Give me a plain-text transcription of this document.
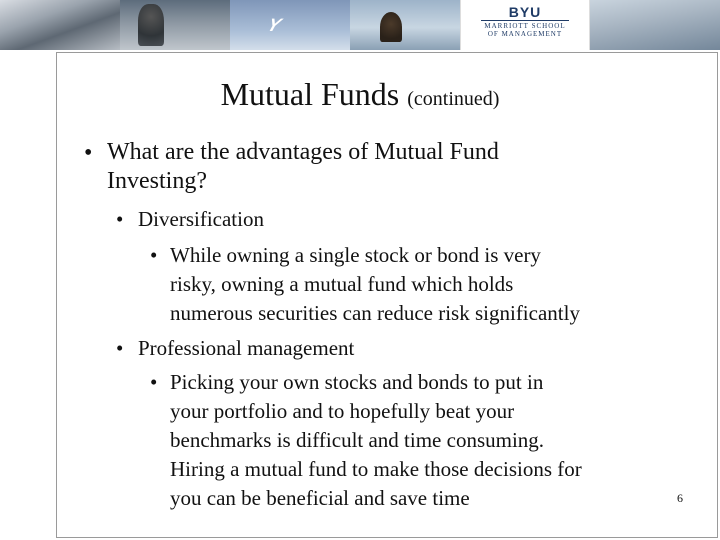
Y
BYU
MARRIOTT SCHOOL
OF MANAGEMENT
Mutual Funds (continued)
• What are the advantages of Mutual Fund
Investing?
• Diversification
• While owning a single stock or bond is very
risky, owning a mutual fund which holds
numerous securities can reduce risk significantly
• Professional management
• Picking your own stocks and bonds to put in
your portfolio and to hopefully beat your
benchmarks is difficult and time consuming.
Hiring a mutual fund to make those decisions for
you can be beneficial and save time	6
